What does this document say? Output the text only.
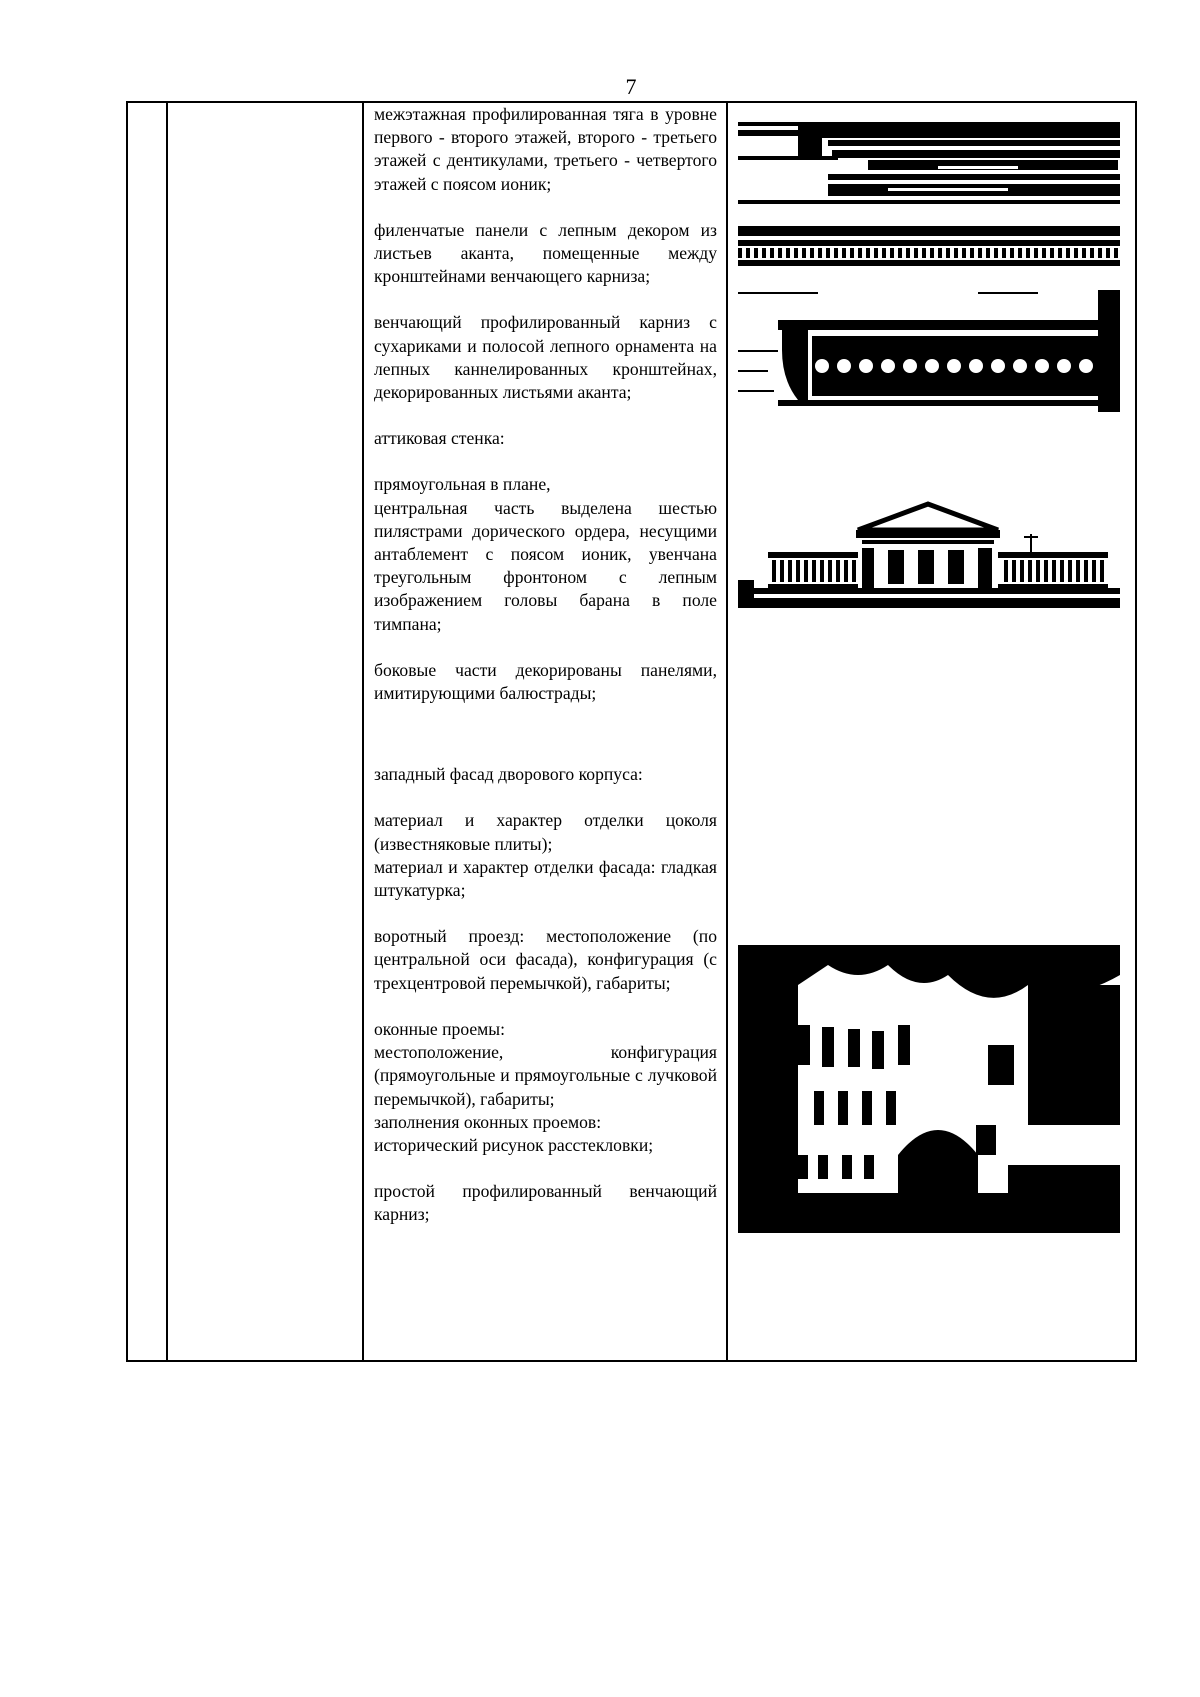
7

межэтажная профилированная тяга в уровне первого - второго этажей, второго - третьего этажей с дентикулами, третьего - четвертого этажей с поясом ионик;

филенчатые панели с лепным декором из листьев аканта, помещенные между кронштейнами венчающего карниза;

венчающий профилированный карниз с сухариками и полосой лепного орнамента на лепных каннелированных кронштейнах, декорированных листьями аканта;

аттиковая стенка:

прямоугольная в плане,

центральная часть выделена шестью пилястрами дорического ордера, несущими антаблемент с поясом ионик, увенчана треугольным фронтоном с лепным изображением головы барана в поле тимпана;

боковые части декорированы панелями, имитирующими балюстрады;

западный фасад дворового корпуса:

материал и характер отделки цоколя (известняковые плиты);

материал и характер отделки фасада: гладкая штукатурка;

воротный проезд: местоположение (по центральной оси фасада), конфигурация (с трехцентровой перемычкой), габариты;

оконные проемы:

местоположение, конфигурация (прямоугольные и прямоугольные с лучковой перемычкой), габариты;

заполнения оконных проемов:

исторический рисунок расстекловки;

простой профилированный венчающий карниз;
